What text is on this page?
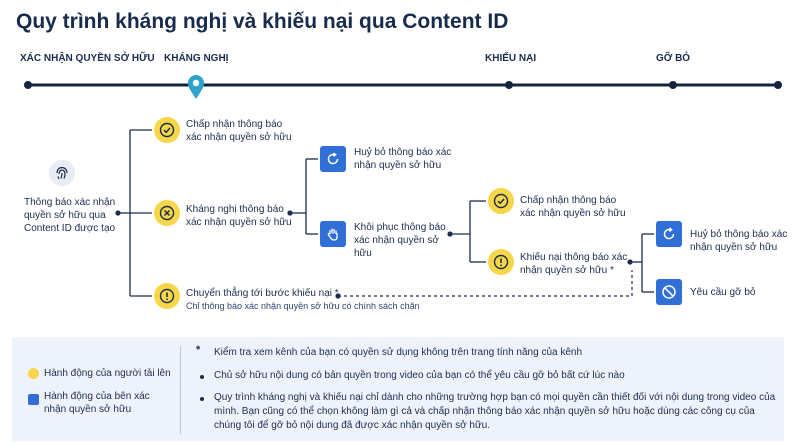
Quy trình kháng nghị và khiếu nại qua Content ID
XÁC NHẬN QUYỀN SỞ HỮU KHÁNG NGHỊ	KHIẾU NẠI	GỠ BỎ
Thông báo xác nhận quyền sở hữu qua Content ID được tạo
Chấp nhận thông báo xác nhận quyền sở hữu
Kháng nghị thông báo xác nhận quyền sở hữu
Chuyển thẳng tới bước khiếu nại *
Chỉ thông báo xác nhận quyền sở hữu có chính sách chặn
Huỷ bỏ thông báo xác nhận quyền sở hữu
Khôi phục thông báo xác nhận quyền sở hữu
Chấp nhận thông báo xác nhận quyền sở hữu
Khiếu nại thông báo xác nhận quyền sở hữu *
Huỷ bỏ thông báo xác nhận quyền sở hữu
Yêu cầu gỡ bỏ
Hành động của người tải lên
Hành động của bên xác nhận quyền sở hữu
* Kiểm tra xem kênh của bạn có quyền sử dụng không trên trang tính năng của kênh
Chủ sở hữu nội dung có bản quyền trong video của bạn có thể yêu cầu gỡ bỏ bất cứ lúc nào
Quy trình kháng nghị và khiếu nại chỉ dành cho những trường hợp bạn có mọi quyền cần thiết đối với nội dung trong video của mình. Bạn cũng có thể chọn không làm gì cả và chấp nhận thông báo xác nhận quyền sở hữu hoặc dùng các công cụ của chúng tôi để gỡ bỏ nội dung đã được xác nhận quyền sở hữu.
